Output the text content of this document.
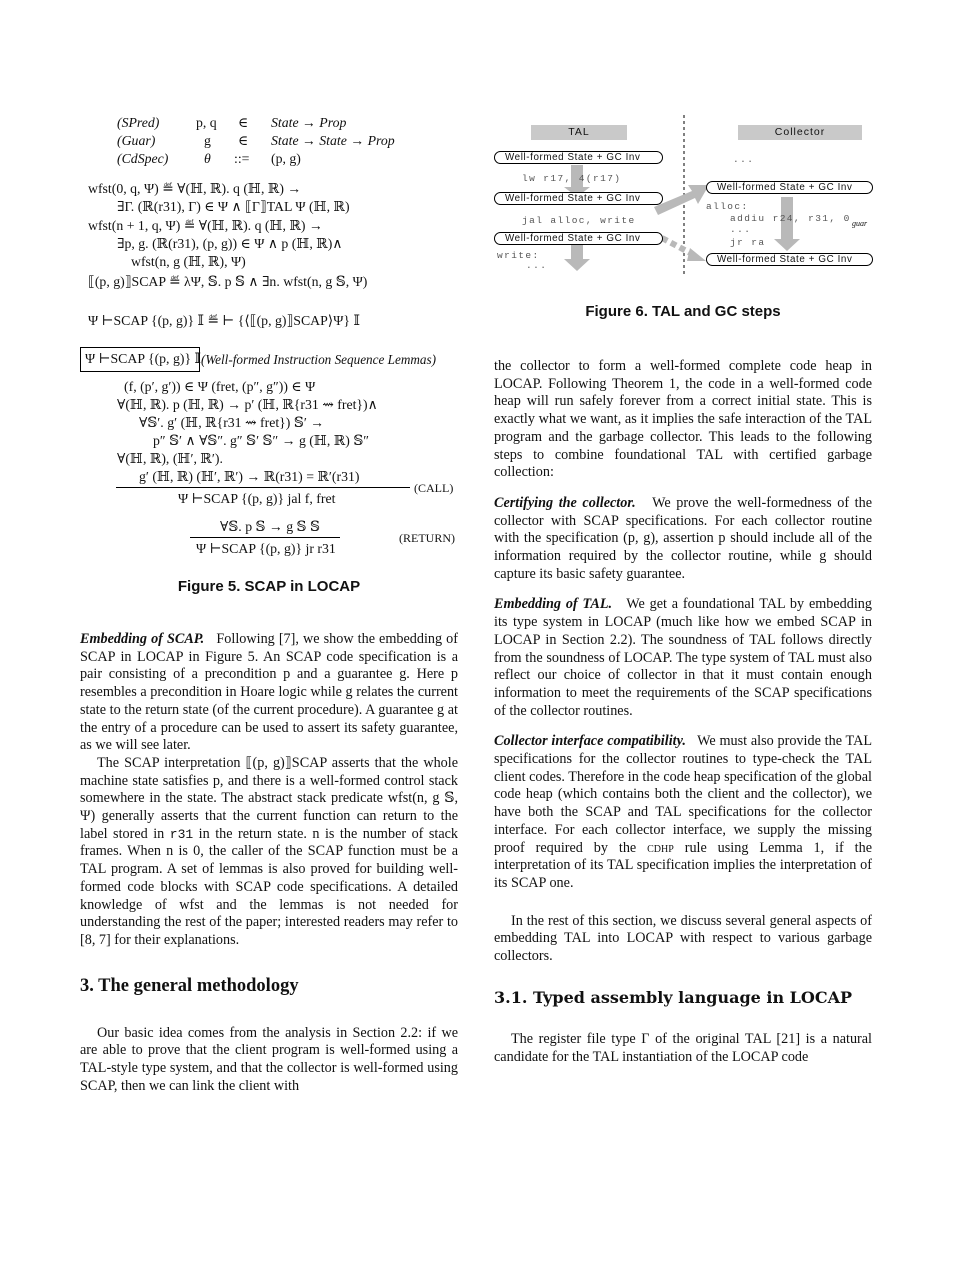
(SPred)	p, q ∈ State → Prop
(Guar)	g ∈ State → State → Prop
(CdSpec)	θ ::= (p, g)
wfst(0, q, Ψ) ≝ ∀(ℍ, ℝ). q (ℍ, ℝ) →
∃Γ. (ℝ(r31), Γ) ∈ Ψ ∧ ⟦Γ⟧TAL Ψ (ℍ, ℝ)
wfst(n + 1, q, Ψ) ≝ ∀(ℍ, ℝ). q (ℍ, ℝ) →
∃p, g. (ℝ(r31), (p, g)) ∈ Ψ ∧ p (ℍ, ℝ)∧
wfst(n, g (ℍ, ℝ), Ψ)
⟦(p, g)⟧SCAP ≝ λΨ, 𝕊. p 𝕊 ∧ ∃n. wfst(n, g 𝕊, Ψ)
Ψ ⊢SCAP {(p, g)} 𝕀 ≝ ⊢ {⟨⟦(p, g)⟧SCAP⟩Ψ} 𝕀
Ψ ⊢SCAP {(p, g)} 𝕀 (Well-formed Instruction Sequence Lemmas)
(f, (p′, g′)) ∈ Ψ (fret, (p″, g″)) ∈ Ψ
∀(ℍ, ℝ). p (ℍ, ℝ) → p′ (ℍ, ℝ{r31 ⇝ fret})∧
∀𝕊′. g′ (ℍ, ℝ{r31 ⇝ fret}) 𝕊′ →
p″ 𝕊′ ∧ ∀𝕊″. g″ 𝕊′ 𝕊″ → g (ℍ, ℝ) 𝕊″
∀(ℍ, ℝ), (ℍ′, ℝ′).
g′ (ℍ, ℝ) (ℍ′, ℝ′) → ℝ(r31) = ℝ′(r31)
Ψ ⊢SCAP {(p, g)} jal f, fret
(CALL)
∀𝕊. p 𝕊 → g 𝕊 𝕊
Ψ ⊢SCAP {(p, g)} jr r31
(RETURN)
Figure 5. SCAP in LOCAP
TAL	Collector
Well-formed State + GC Inv
Well-formed State + GC Inv
Well-formed State + GC Inv
Well-formed State + GC Inv
Well-formed State + GC Inv
lw r17, 4(r17)
jal alloc, write
write:
...
...
alloc:
addiu r24, r31, 0
...
jr ra
guar
Figure 6. TAL and GC steps

Embedding of SCAP. Following [7], we show the embedding of SCAP in LOCAP in Figure 5. An SCAP code specification is a pair consisting of a precondition p and a guarantee g. Here p resembles a precondition in Hoare logic while g relates the current state to the return state (of the current procedure). A guarantee g at the entry of a procedure can be used to assert its safety guarantee, as we will see later.

The SCAP interpretation ⟦(p, g)⟧SCAP asserts that the whole machine state satisfies p, and there is a well-formed control stack somewhere in the state. The abstract stack predicate wfst(n, g 𝕊, Ψ) generally asserts that the current function can return to the label stored in r31 in the return state. n is the number of stack frames. When n is 0, the caller of the SCAP function must be a TAL program. A set of lemmas is also proved for building well-formed code blocks with SCAP code specifications. A detailed knowledge of wfst and the lemmas is not needed for understanding the rest of the paper; interested readers may refer to [8, 7] for their explanations.

3. The general methodology

Our basic idea comes from the analysis in Section 2.2: if we are able to prove that the client program is well-formed using a TAL-style type system, and that the collector is well-formed using SCAP, then we can link the client with

the collector to form a well-formed complete code heap in LOCAP. Following Theorem 1, the code in a well-formed code heap will run safely forever from a correct initial state. This is exactly what we want, as it implies the safe interaction of the TAL program and the garbage collector. This leads to the following steps to combine foundational TAL with certified garbage collection:

Certifying the collector. We prove the well-formedness of the collector with SCAP specifications. For each collector routine with the specification (p, g), assertion p should include all of the information required by the collector routine, while g should capture its basic safety guarantee.

Embedding of TAL. We get a foundational TAL by embedding its type system in LOCAP (much like how we embed SCAP in LOCAP in Section 2.2). The soundness of TAL follows directly from the soundness of LOCAP. The type system of TAL must also reflect our choice of collector in that it must contain enough information to meet the requirements of the SCAP specifications of the collector routines.

Collector interface compatibility. We must also provide the TAL specifications for the collector routines to type-check the TAL client codes. Therefore in the code heap specification of the global code heap (which contains both the client and the collector), we have both the SCAP and TAL specifications for the collector interface. For each collector interface, we supply the missing proof required by the cdhp rule using Lemma 1, if the interpretation of its TAL specification implies the interpretation of its SCAP one.

In the rest of this section, we discuss several general aspects of embedding TAL into LOCAP with respect to various garbage collectors.

3.1. Typed assembly language in LOCAP

The register file type Γ of the original TAL [21] is a natural candidate for the TAL instantiation of the LOCAP code
